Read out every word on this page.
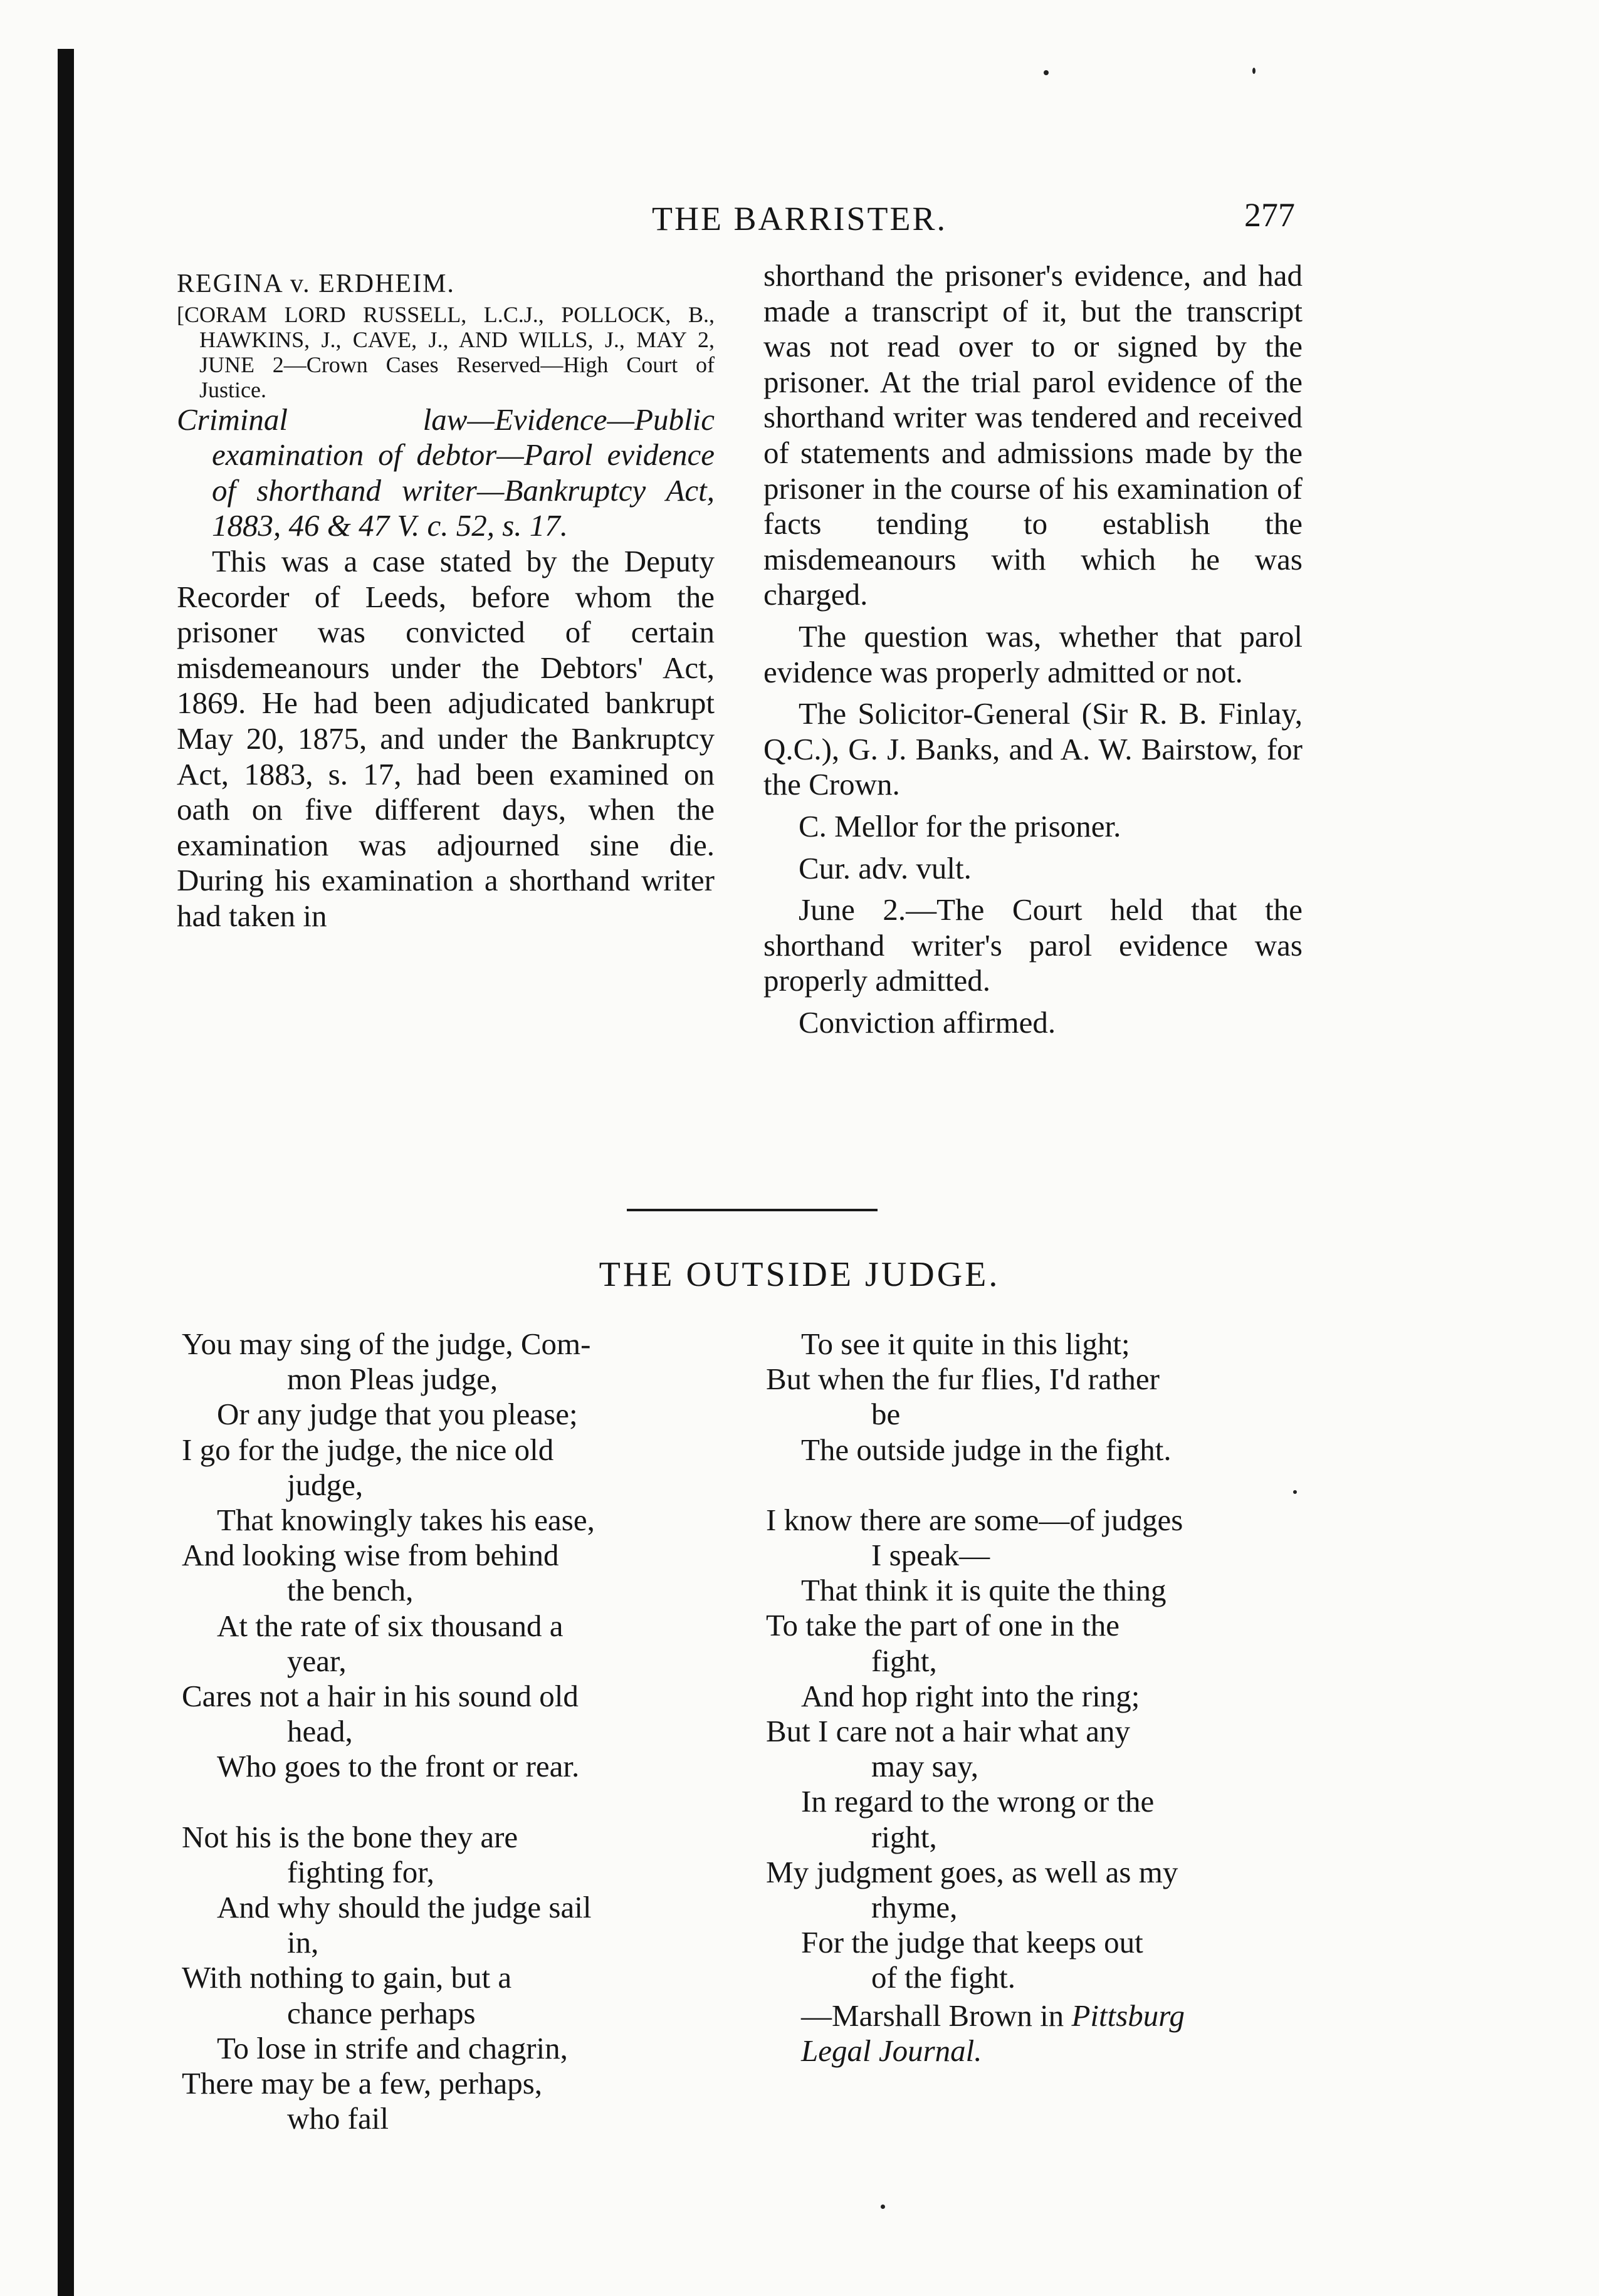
THE BARRISTER.	277

REGINA v. ERDHEIM.

[CORAM LORD RUSSELL, L.C.J., POLLOCK, B., HAWKINS, J., CAVE, J., AND WILLS, J., MAY 2, JUNE 2—Crown Cases Reserved—High Court of Justice.

Criminal law—Evidence—Public examination of debtor—Parol evidence of shorthand writer—Bankruptcy Act, 1883, 46 & 47 V. c. 52, s. 17.

This was a case stated by the Deputy Recorder of Leeds, before whom the prisoner was convicted of certain misdemeanours under the Debtors' Act, 1869. He had been adjudicated bankrupt May 20, 1875, and under the Bankruptcy Act, 1883, s. 17, had been examined on oath on five different days, when the examination was adjourned sine die. During his examination a shorthand writer had taken in

shorthand the prisoner's evidence, and had made a transcript of it, but the transcript was not read over to or signed by the prisoner. At the trial parol evidence of the shorthand writer was tendered and received of statements and admissions made by the prisoner in the course of his examination of facts tending to establish the misdemeanours with which he was charged.

The question was, whether that parol evidence was properly admitted or not.

The Solicitor-General (Sir R. B. Finlay, Q.C.), G. J. Banks, and A. W. Bairstow, for the Crown.

C. Mellor for the prisoner.

Cur. adv. vult.

June 2.—The Court held that the shorthand writer's parol evidence was properly admitted.

Conviction affirmed.

THE OUTSIDE JUDGE.
You may sing of the judge, Com-
mon Pleas judge,
Or any judge that you please;
I go for the judge, the nice old
judge,
That knowingly takes his ease,
And looking wise from behind
the bench,
At the rate of six thousand a
year,
Cares not a hair in his sound old
head,
Who goes to the front or rear.
Not his is the bone they are
fighting for,
And why should the judge sail
in,
With nothing to gain, but a
chance perhaps
To lose in strife and chagrin,
There may be a few, perhaps,
who fail
To see it quite in this light;
But when the fur flies, I'd rather
be
The outside judge in the fight.
I know there are some—of judges
I speak—
That think it is quite the thing
To take the part of one in the
fight,
And hop right into the ring;
But I care not a hair what any
may say,
In regard to the wrong or the
right,
My judgment goes, as well as my
rhyme,
For the judge that keeps out
of the fight.
—Marshall Brown in Pittsburg
Legal Journal.
